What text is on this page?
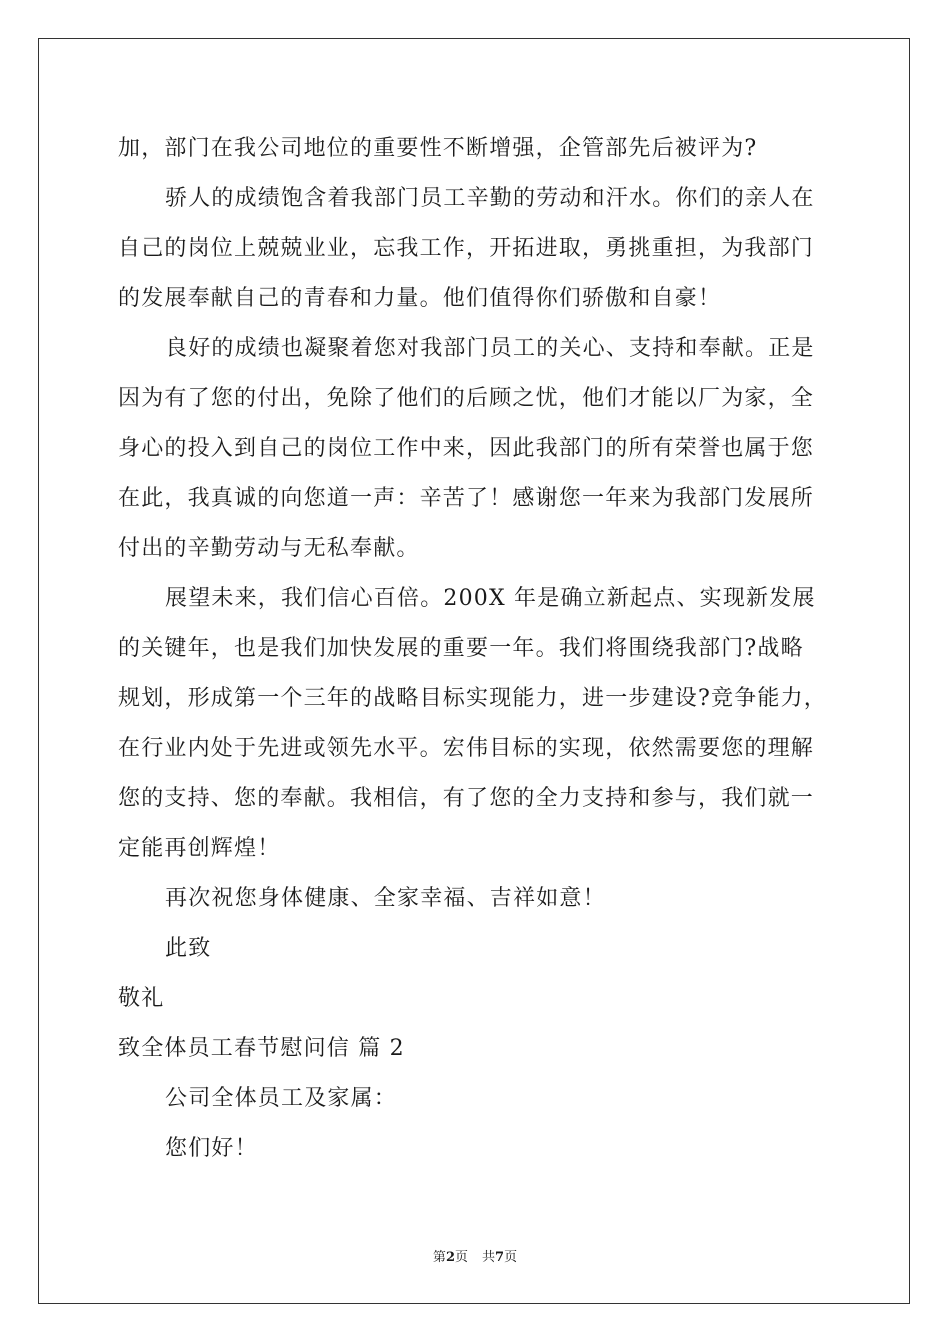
加，部门在我公司地位的重要性不断增强，企管部先后被评为?
骄人的成绩饱含着我部门员工辛勤的劳动和汗水。你们的亲人在
自己的岗位上兢兢业业，忘我工作，开拓进取，勇挑重担，为我部门
的发展奉献自己的青春和力量。他们值得你们骄傲和自豪！
良好的成绩也凝聚着您对我部门员工的关心、支持和奉献。正是
因为有了您的付出，免除了他们的后顾之忧，他们才能以厂为家，全
身心的投入到自己的岗位工作中来，因此我部门的所有荣誉也属于您
在此，我真诚的向您道一声：辛苦了！感谢您一年来为我部门发展所
付出的辛勤劳动与无私奉献。
展望未来，我们信心百倍。200X 年是确立新起点、实现新发展
的关键年，也是我们加快发展的重要一年。我们将围绕我部门?战略
规划，形成第一个三年的战略目标实现能力，进一步建设?竞争能力，
在行业内处于先进或领先水平。宏伟目标的实现，依然需要您的理解
您的支持、您的奉献。我相信，有了您的全力支持和参与，我们就一
定能再创辉煌！
再次祝您身体健康、全家幸福、吉祥如意！
此致
敬礼
致全体员工春节慰问信 篇 2
公司全体员工及家属：
您们好！
第2页 共7页
